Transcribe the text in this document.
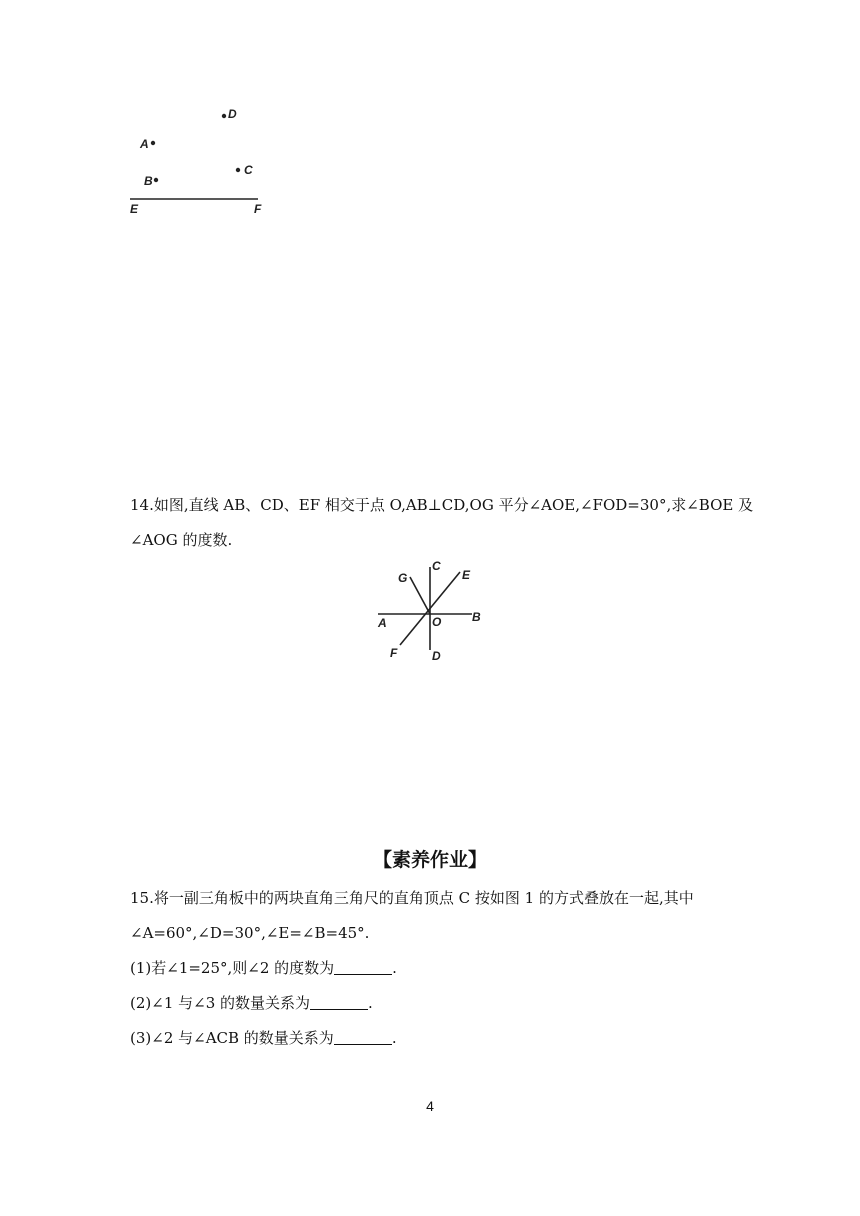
D
A
C
B
E	F
14.如图,直线 AB、CD、EF 相交于点 O,AB⊥CD,OG 平分∠AOE,∠FOD=30°,求∠BOE 及
∠AOG 的度数.
G
C
E
B
A	O
F	D
【素养作业】
15.将一副三角板中的两块直角三角尺的直角顶点 C 按如图 1 的方式叠放在一起,其中
∠A=60°,∠D=30°,∠E=∠B=45°.
(1)若∠1=25°,则∠2 的度数为	.
(2)∠1 与∠3 的数量关系为	.
(3)∠2 与∠ACB 的数量关系为	.
4
